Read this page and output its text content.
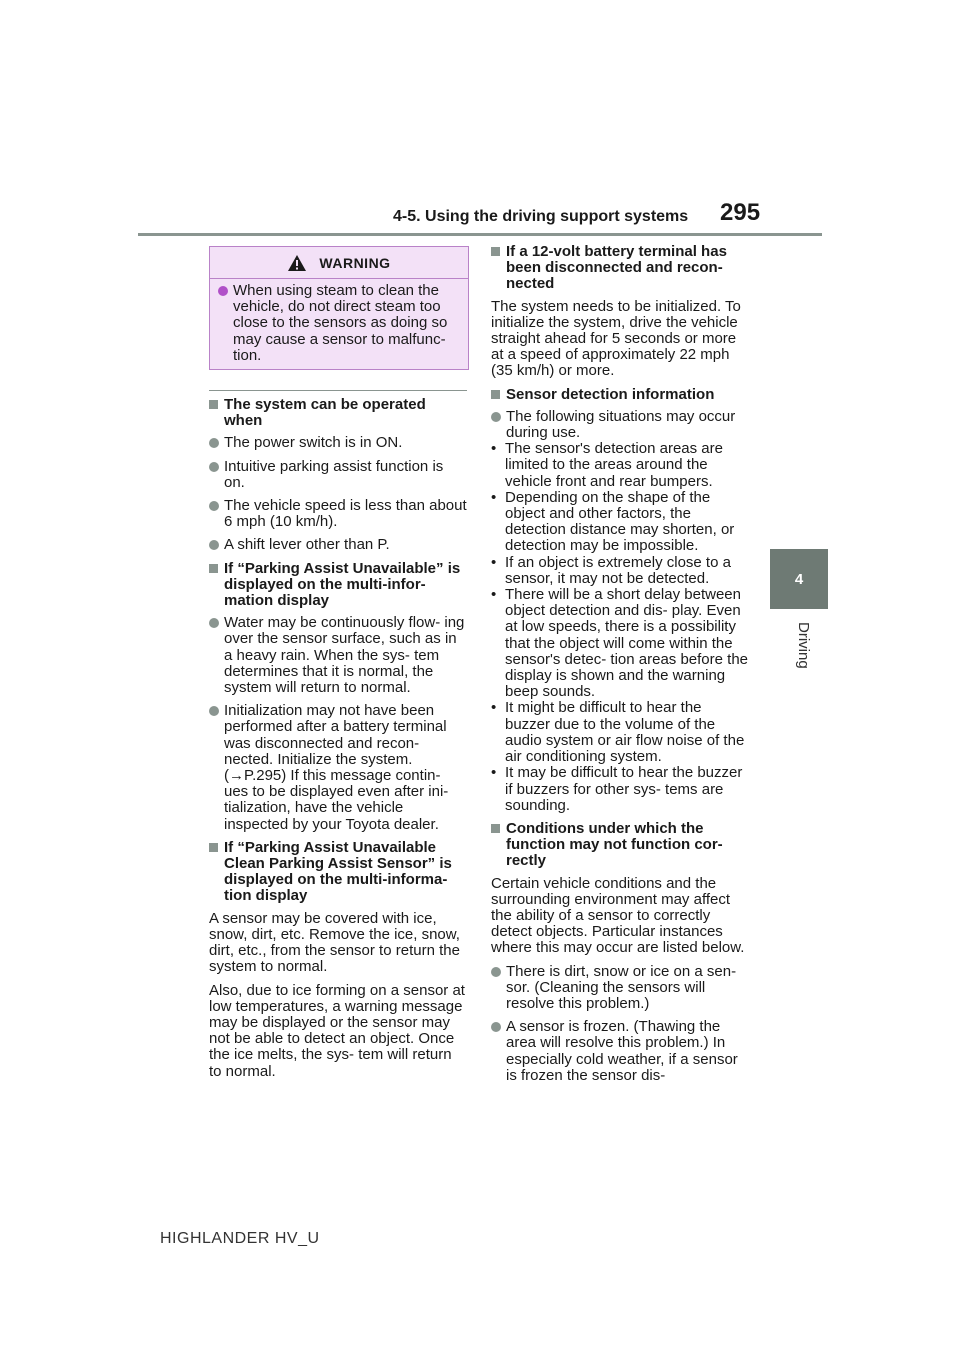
4-5. Using the driving support systems 295
4
Driving
WARNING
When using steam to clean the vehicle, do not direct steam too close to the sensors as doing so may cause a sensor to malfunc- tion.
The system can be operated when
The power switch is in ON.
Intuitive parking assist function is on.
The vehicle speed is less than about 6 mph (10 km/h).
A shift lever other than P.
If “Parking Assist Unavailable” is displayed on the multi-infor- mation display
Water may be continuously flow- ing over the sensor surface, such as in a heavy rain. When the sys- tem determines that it is normal, the system will return to normal.
Initialization may not have been performed after a battery terminal was disconnected and recon- nected. Initialize the system. (→P.295) If this message contin- ues to be displayed even after ini- tialization, have the vehicle inspected by your Toyota dealer.
If “Parking Assist Unavailable Clean Parking Assist Sensor” is displayed on the multi-informa- tion display
A sensor may be covered with ice, snow, dirt, etc. Remove the ice, snow, dirt, etc., from the sensor to return the system to normal.
Also, due to ice forming on a sensor at low temperatures, a warning message may be displayed or the sensor may not be able to detect an object. Once the ice melts, the sys- tem will return to normal.
If a 12-volt battery terminal has been disconnected and recon- nected
The system needs to be initialized. To initialize the system, drive the vehicle straight ahead for 5 seconds or more at a speed of approximately 22 mph (35 km/h) or more.
Sensor detection information
The following situations may occur during use.
• The sensor's detection areas are limited to the areas around the vehicle front and rear bumpers.
• Depending on the shape of the object and other factors, the detection distance may shorten, or detection may be impossible.
• If an object is extremely close to a sensor, it may not be detected.
• There will be a short delay between object detection and dis- play. Even at low speeds, there is a possibility that the object will come within the sensor's detec- tion areas before the display is shown and the warning beep sounds.
• It might be difficult to hear the buzzer due to the volume of the audio system or air flow noise of the air conditioning system.
• It may be difficult to hear the buzzer if buzzers for other sys- tems are sounding.
Conditions under which the function may not function cor- rectly
Certain vehicle conditions and the surrounding environment may affect the ability of a sensor to correctly detect objects. Particular instances where this may occur are listed below.
There is dirt, snow or ice on a sen- sor. (Cleaning the sensors will resolve this problem.)
A sensor is frozen. (Thawing the area will resolve this problem.) In especially cold weather, if a sensor is frozen the sensor dis-
HIGHLANDER HV_U
